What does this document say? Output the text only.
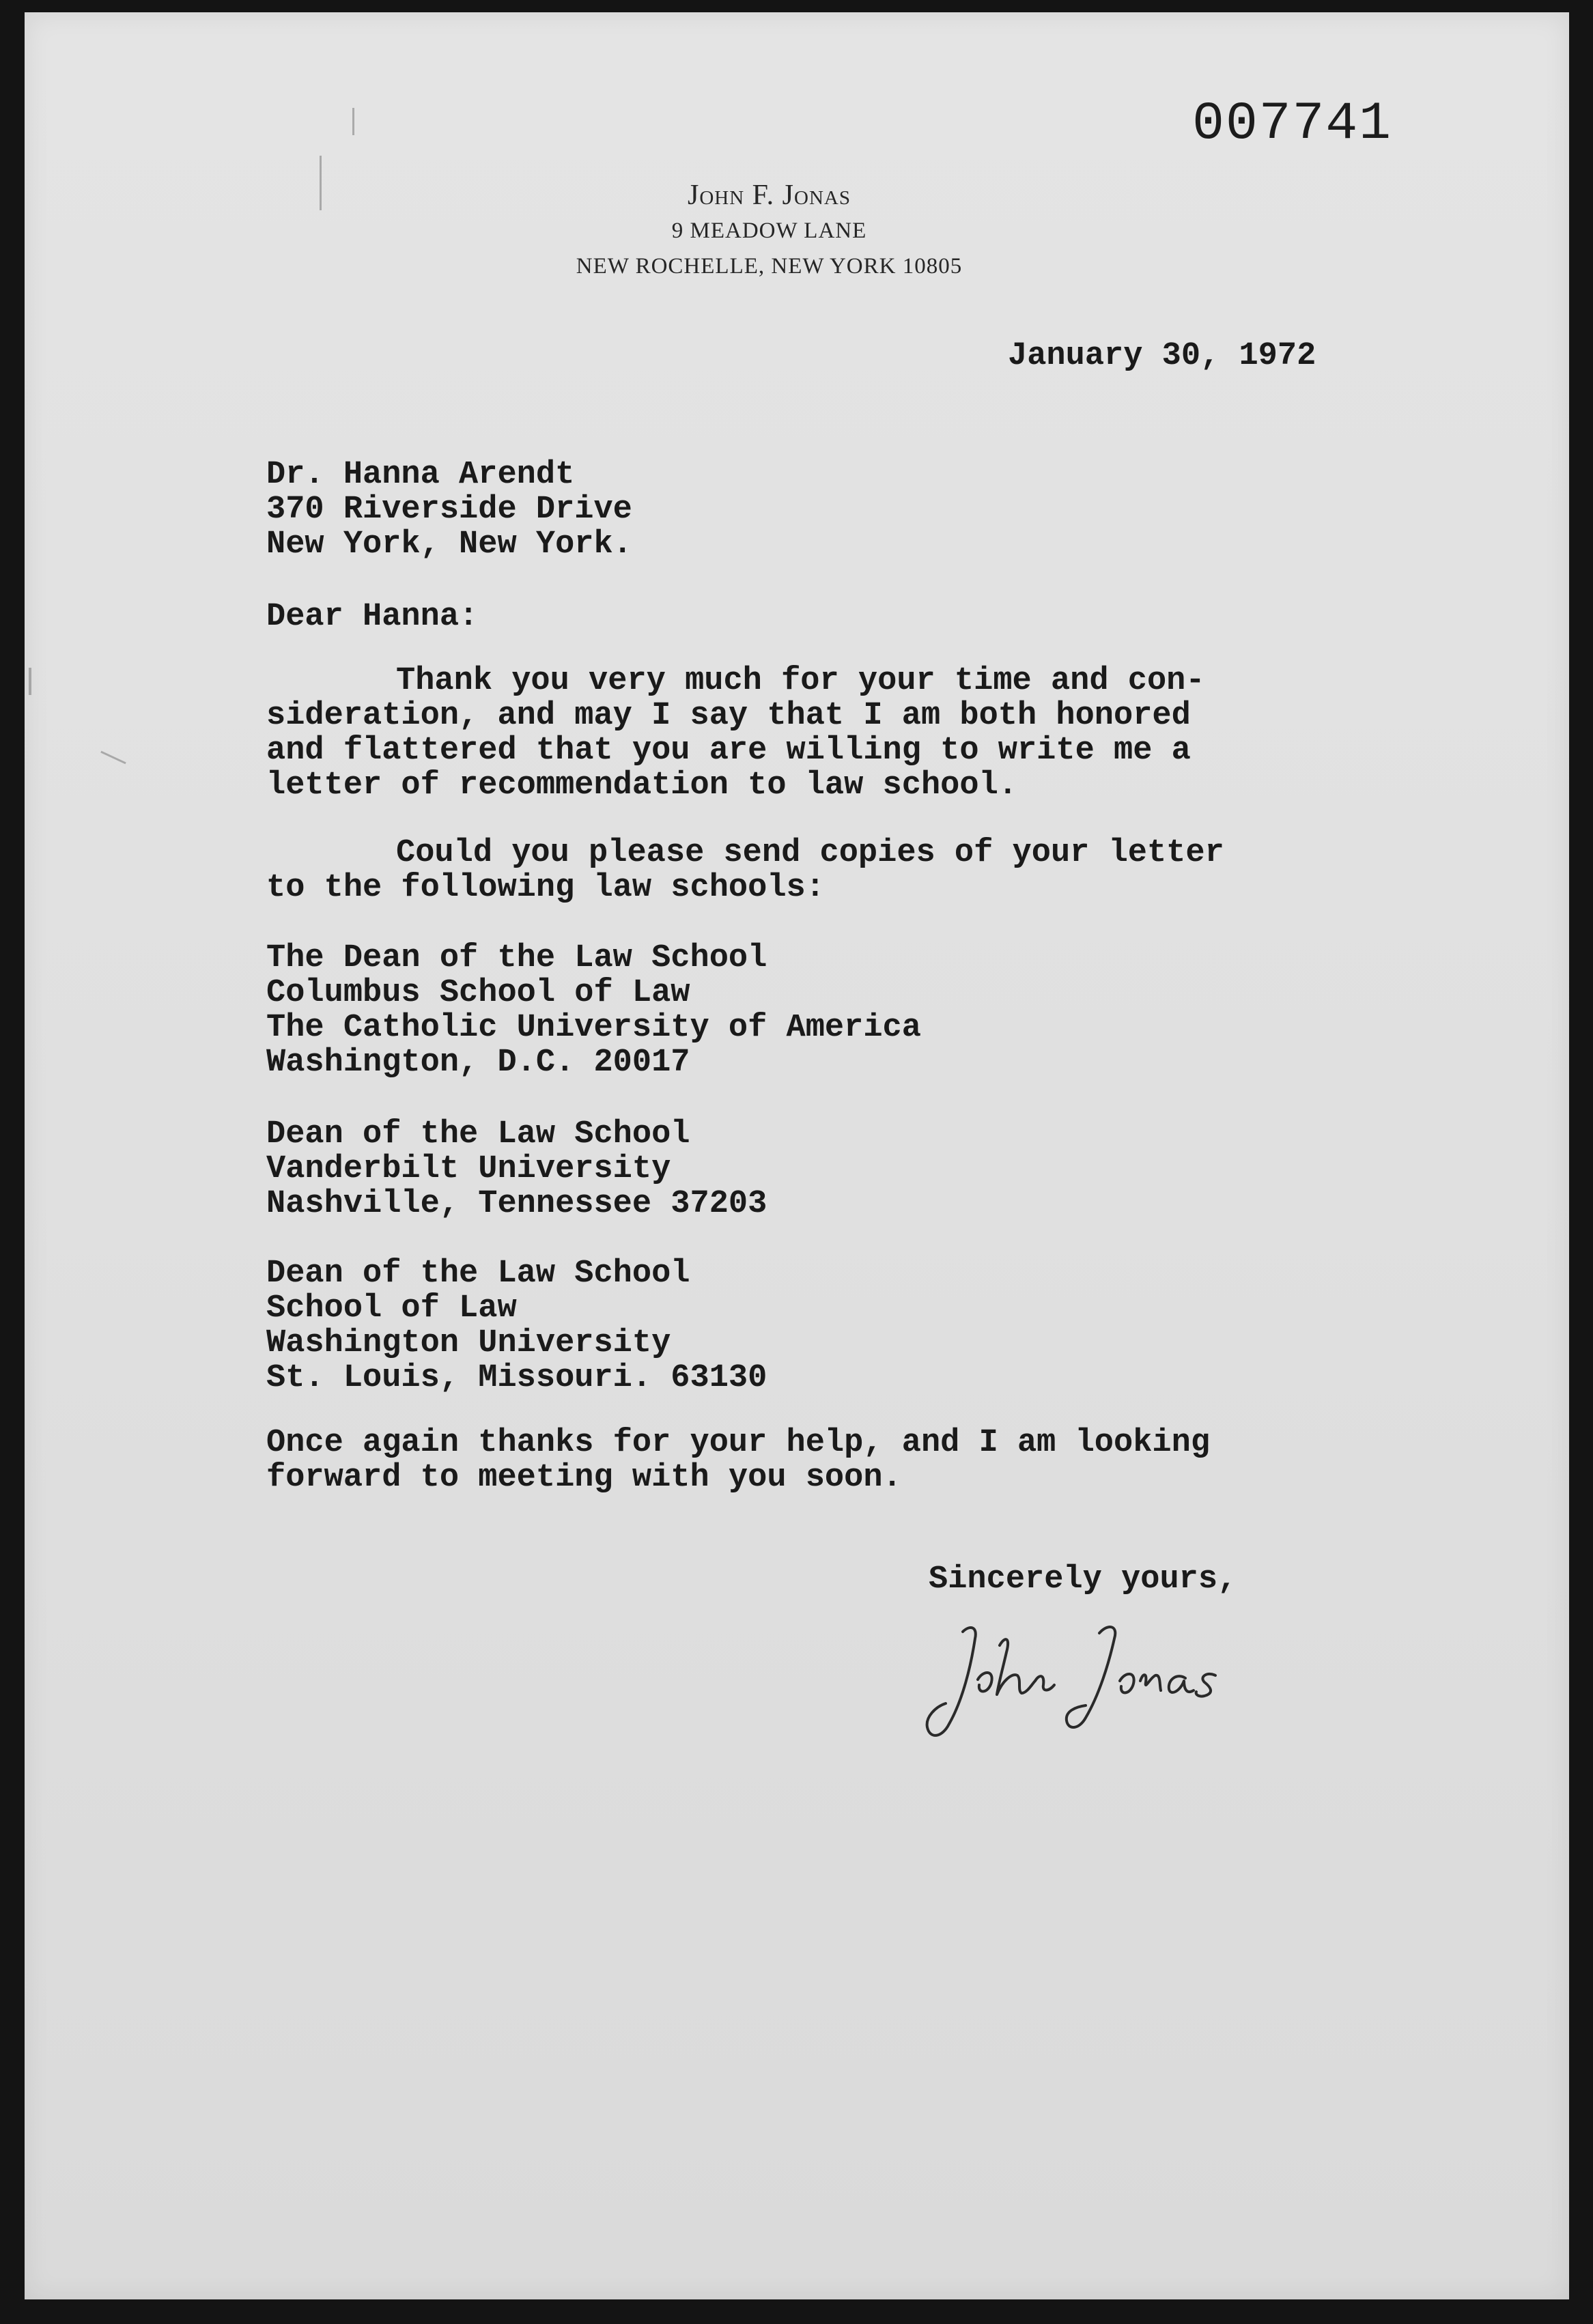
007741
John F. Jonas
9 MEADOW LANE
NEW ROCHELLE, NEW YORK 10805
January 30, 1972
Dr. Hanna Arendt
370 Riverside Drive
New York, New York.
Dear Hanna:
Thank you very much for your time and con-
sideration, and may I say that I am both honored
and flattered that you are willing to write me a
letter of recommendation to law school.
Could you please send copies of your letter
to the following law schools:
The Dean of the Law School
Columbus School of Law
The Catholic University of America
Washington, D.C. 20017
Dean of the Law School
Vanderbilt University
Nashville, Tennessee 37203
Dean of the Law School
School of Law
Washington University
St. Louis, Missouri. 63130
Once again thanks for your help, and I am looking
forward to meeting with you soon.
Sincerely yours,
